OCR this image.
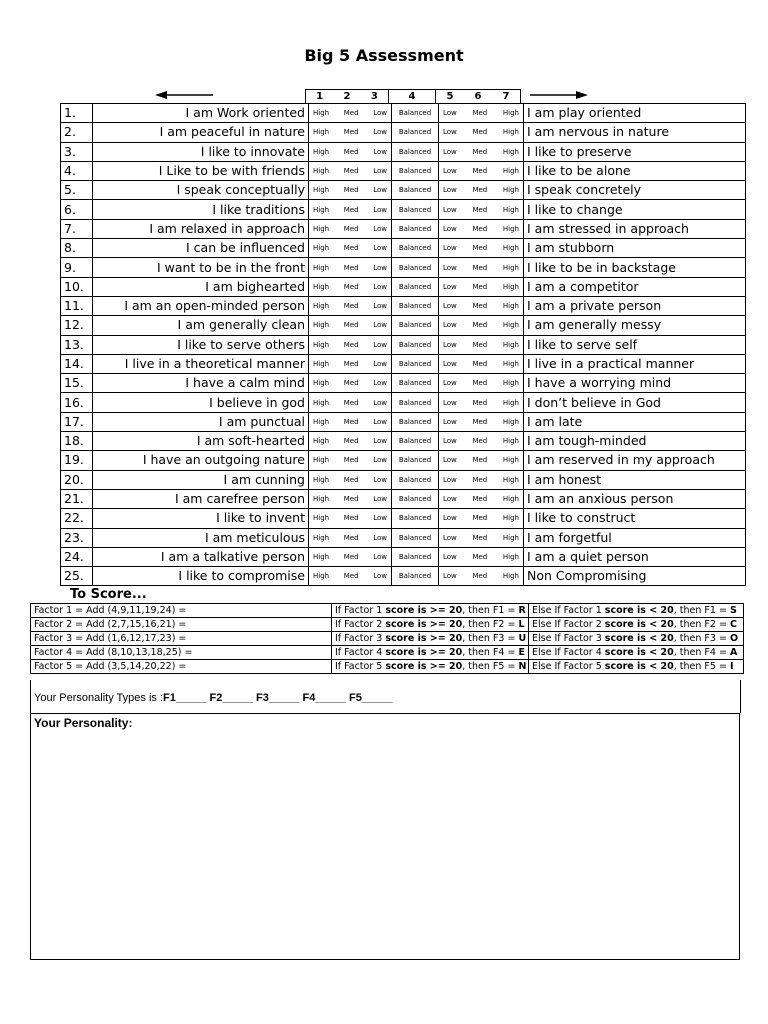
Big 5 Assessment
1	2	3	4	5	6	7
1.	I am Work oriented	High Med Low	Balanced	Low Med High	I am play oriented
2.	I am peaceful in nature	High Med Low	Balanced	Low Med High	I am nervous in nature
3.	I like to innovate	High Med Low	Balanced	Low Med High	I like to preserve
4.	I Like to be with friends	High Med Low	Balanced	Low Med High	I like to be alone
5.	I speak conceptually	High Med Low	Balanced	Low Med High	I speak concretely
6.	I like traditions	High Med Low	Balanced	Low Med High	I like to change
7.	I am relaxed in approach	High Med Low	Balanced	Low Med High	I am stressed in approach
8.	I can be influenced	High Med Low	Balanced	Low Med High	I am stubborn
9.	I want to be in the front	High Med Low	Balanced	Low Med High	I like to be in backstage
10.	I am bighearted	High Med Low	Balanced	Low Med High	I am a competitor
11.	I am an open-minded person	High Med Low	Balanced	Low Med High	I am a private person
12.	I am generally clean	High Med Low	Balanced	Low Med High	I am generally messy
13.	I like to serve others	High Med Low	Balanced	Low Med High	I like to serve self
14.	I live in a theoretical manner	High Med Low	Balanced	Low Med High	I live in a practical manner
15.	I have a calm mind	High Med Low	Balanced	Low Med High	I have a worrying mind
16.	I believe in god	High Med Low	Balanced	Low Med High	I don’t believe in God
17.	I am punctual	High Med Low	Balanced	Low Med High	I am late
18.	I am soft-hearted	High Med Low	Balanced	Low Med High	I am tough-minded
19.	I have an outgoing nature	High Med Low	Balanced	Low Med High	I am reserved in my approach
20.	I am cunning	High Med Low	Balanced	Low Med High	I am honest
21.	I am carefree person	High Med Low	Balanced	Low Med High	I am an anxious person
22.	I like to invent	High Med Low	Balanced	Low Med High	I like to construct
23.	I am meticulous	High Med Low	Balanced	Low Med High	I am forgetful
24.	I am a talkative person	High Med Low	Balanced	Low Med High	I am a quiet person
25.	I like to compromise	High Med Low	Balanced	Low Med High	Non Compromising
To Score...
Factor 1 = Add (4,9,11,19,24) =	If Factor 1 score is >= 20, then F1 = R	Else If Factor 1 score is < 20, then F1 = S
Factor 2 = Add (2,7,15,16,21) =	If Factor 2 score is >= 20, then F2 = L	Else If Factor 2 score is < 20, then F2 = C
Factor 3 = Add (1,6,12,17,23) =	If Factor 3 score is >= 20, then F3 = U	Else If Factor 3 score is < 20, then F3 = O
Factor 4 = Add (8,10,13,18,25) =	If Factor 4 score is >= 20, then F4 = E	Else If Factor 4 score is < 20, then F4 = A
Factor 5 = Add (3,5,14,20,22) =	If Factor 5 score is >= 20, then F5 = N	Else If Factor 5 score is < 20, then F5 = I
Your Personality Types is :F1_____ F2_____ F3_____ F4_____ F5_____
Your Personality:
